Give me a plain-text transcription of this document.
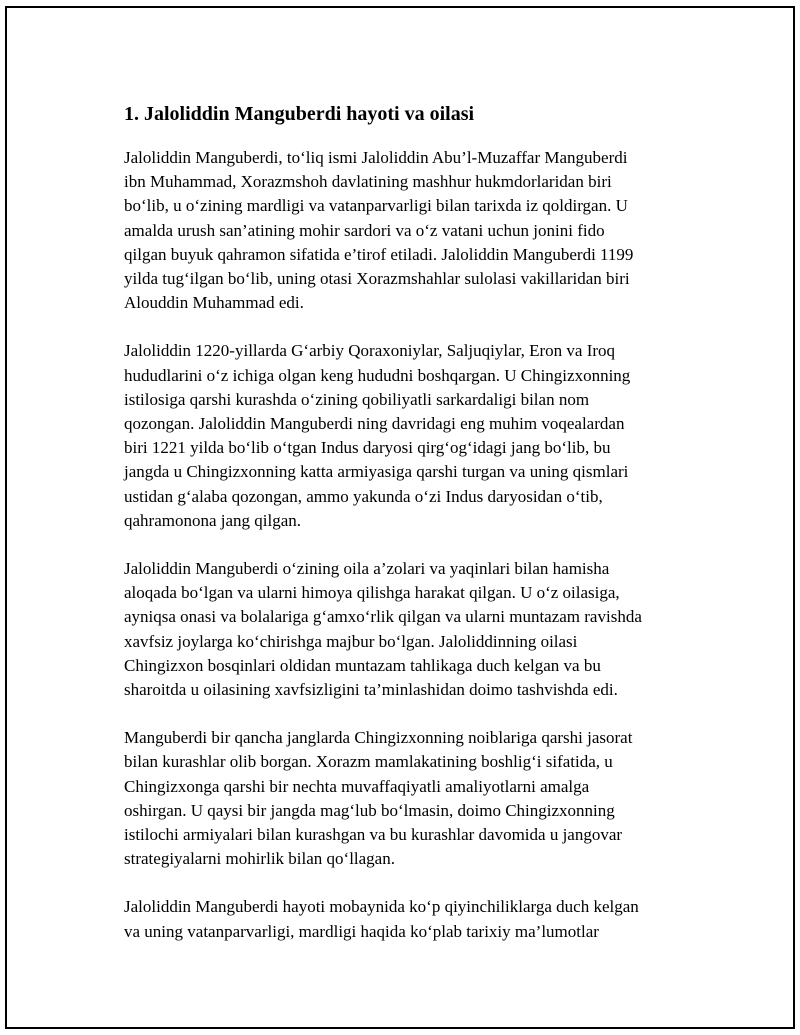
1. Jaloliddin Manguberdi hayoti va oilasi

Jaloliddin Manguberdi, to‘liq ismi Jaloliddin Abu’l-Muzaffar Manguberdi
ibn Muhammad, Xorazmshoh davlatining mashhur hukmdorlaridan biri
bo‘lib, u o‘zining mardligi va vatanparvarligi bilan tarixda iz qoldirgan. U
amalda urush san’atining mohir sardori va o‘z vatani uchun jonini fido
qilgan buyuk qahramon sifatida e’tirof etiladi. Jaloliddin Manguberdi 1199
yilda tug‘ilgan bo‘lib, uning otasi Xorazmshahlar sulolasi vakillaridan biri
Alouddin Muhammad edi.

Jaloliddin 1220-yillarda G‘arbiy Qoraxoniylar, Saljuqiylar, Eron va Iroq
hududlarini o‘z ichiga olgan keng hududni boshqargan. U Chingizxonning
istilosiga qarshi kurashda o‘zining qobiliyatli sarkardaligi bilan nom
qozongan. Jaloliddin Manguberdi ning davridagi eng muhim voqealardan
biri 1221 yilda bo‘lib o‘tgan Indus daryosi qirg‘og‘idagi jang bo‘lib, bu
jangda u Chingizxonning katta armiyasiga qarshi turgan va uning qismlari
ustidan g‘alaba qozongan, ammo yakunda o‘zi Indus daryosidan o‘tib,
qahramonona jang qilgan.

Jaloliddin Manguberdi o‘zining oila a’zolari va yaqinlari bilan hamisha
aloqada bo‘lgan va ularni himoya qilishga harakat qilgan. U o‘z oilasiga,
ayniqsa onasi va bolalariga g‘amxo‘rlik qilgan va ularni muntazam ravishda
xavfsiz joylarga ko‘chirishga majbur bo‘lgan. Jaloliddinning oilasi
Chingizxon bosqinlari oldidan muntazam tahlikaga duch kelgan va bu
sharoitda u oilasining xavfsizligini ta’minlashidan doimo tashvishda edi.

Manguberdi bir qancha janglarda Chingizxonning noiblariga qarshi jasorat
bilan kurashlar olib borgan. Xorazm mamlakatining boshlig‘i sifatida, u
Chingizxonga qarshi bir nechta muvaffaqiyatli amaliyotlarni amalga
oshirgan. U qaysi bir jangda mag‘lub bo‘lmasin, doimo Chingizxonning
istilochi armiyalari bilan kurashgan va bu kurashlar davomida u jangovar
strategiyalarni mohirlik bilan qo‘llagan.

Jaloliddin Manguberdi hayoti mobaynida ko‘p qiyinchiliklarga duch kelgan
va uning vatanparvarligi, mardligi haqida ko‘plab tarixiy ma’lumotlar
